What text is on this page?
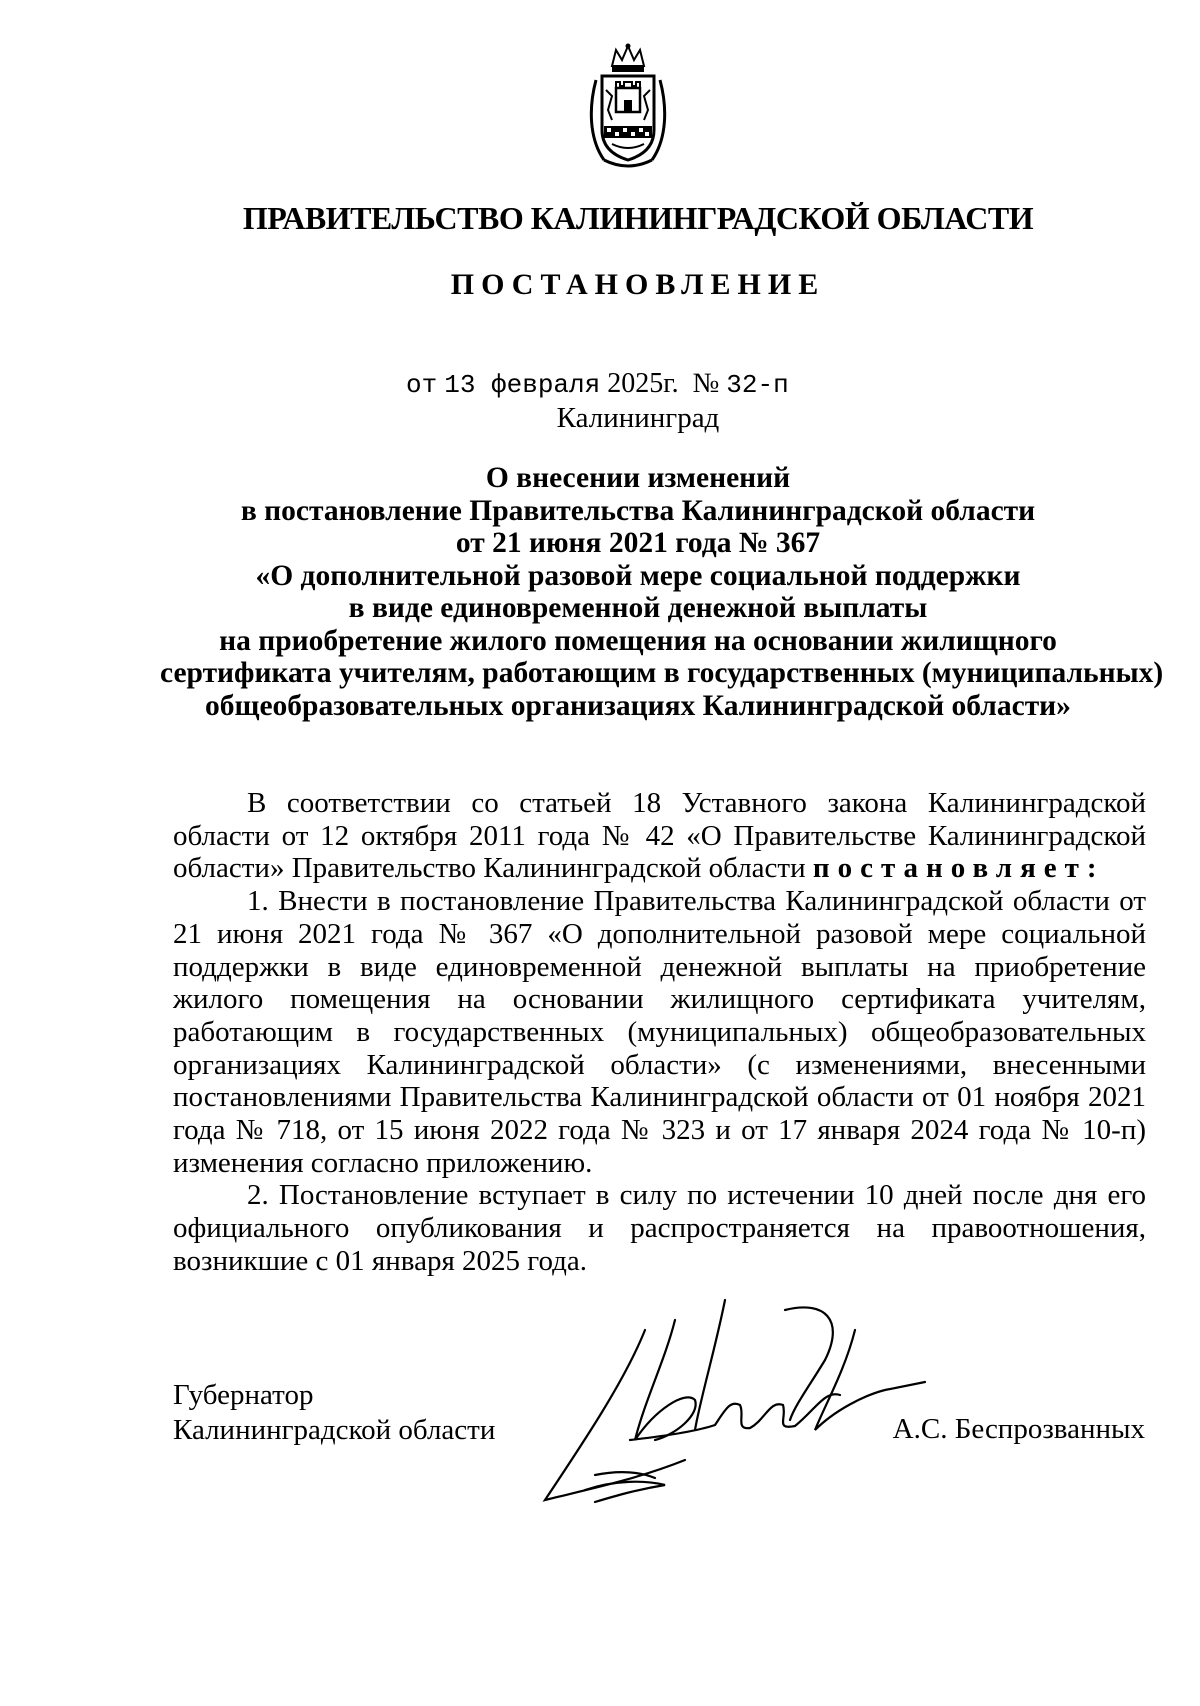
ПРАВИТЕЛЬСТВО КАЛИНИНГРАДСКОЙ ОБЛАСТИ
ПОСТАНОВЛЕНИЕ
от 13 февраля 2025г. № 32-п
Калининград
О внесении изменений
в постановление Правительства Калининградской области
от 21 июня 2021 года № 367
«О дополнительной разовой мере социальной поддержки
в виде единовременной денежной выплаты
на приобретение жилого помещения на основании жилищного
сертификата учителям, работающим в государственных (муниципальных)
общеобразовательных организациях Калининградской области»

В соответствии со статьей 18 Уставного закона Калининградской области от 12 октября 2011 года № 42 «О Правительстве Калининградской области» Правительство Калининградской области постановляет:

1. Внести в постановление Правительства Калининградской области от 21 июня 2021 года № 367 «О дополнительной разовой мере социальной поддержки в виде единовременной денежной выплаты на приобретение жилого помещения на основании жилищного сертификата учителям, работающим в государственных (муниципальных) общеобразовательных организациях Калининградской области» (с изменениями, внесенными постановлениями Правительства Калининградской области от 01 ноября 2021 года № 718, от 15 июня 2022 года № 323 и от 17 января 2024 года № 10-п) изменения согласно приложению.

2. Постановление вступает в силу по истечении 10 дней после дня его официального опубликования и распространяется на правоотношения, возникшие с 01 января 2025 года.

Губернатор
Калининградской области	А.С. Беспрозванных
